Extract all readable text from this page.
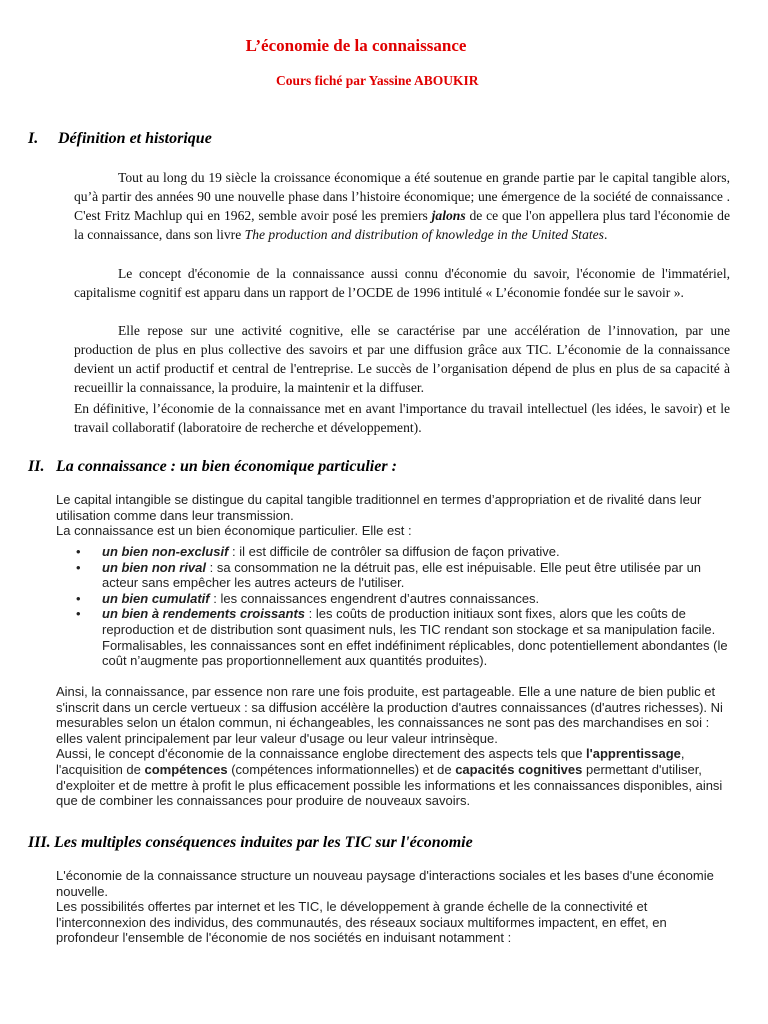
L’économie de la connaissance
Cours fiché par Yassine ABOUKIR
I. Définition et historique
Tout au long du 19 siècle la croissance économique a été soutenue en grande partie par le capital tangible alors, qu’à partir des années 90 une nouvelle phase dans l’histoire économique; une émergence de la société de connaissance . C'est Fritz Machlup qui en 1962, semble avoir posé les premiers jalons de ce que l'on appellera plus tard l'économie de la connaissance, dans son livre The production and distribution of knowledge in the United States.
Le concept d'économie de la connaissance aussi connu d'économie du savoir, l'économie de l'immatériel, capitalisme cognitif est apparu dans un rapport de l’OCDE de 1996 intitulé « L’économie fondée sur le savoir ».
Elle repose sur une activité cognitive, elle se caractérise par une accélération de l’innovation, par une production de plus en plus collective des savoirs et par une diffusion grâce aux TIC. L’économie de la connaissance devient un actif productif et central de l'entreprise. Le succès de l’organisation dépend de plus en plus de sa capacité à recueillir la connaissance, la produire, la maintenir et la diffuser.
En définitive, l’économie de la connaissance met en avant l'importance du travail intellectuel (les idées, le savoir) et le travail collaboratif (laboratoire de recherche et développement).
II. La connaissance : un bien économique particulier :
Le capital intangible se distingue du capital tangible traditionnel en termes d’appropriation et de rivalité dans leur utilisation comme dans leur transmission.
La connaissance est un bien économique particulier. Elle est :
• un bien non-exclusif : il est difficile de contrôler sa diffusion de façon privative.
• un bien non rival : sa consommation ne la détruit pas, elle est inépuisable. Elle peut être utilisée par un acteur sans empêcher les autres acteurs de l'utiliser.
• un bien cumulatif : les connaissances engendrent d’autres connaissances.
• un bien à rendements croissants : les coûts de production initiaux sont fixes, alors que les coûts de reproduction et de distribution sont quasiment nuls, les TIC rendant son stockage et sa manipulation facile. Formalisables, les connaissances sont en effet indéfiniment réplicables, donc potentiellement abondantes (le coût n’augmente pas proportionnellement aux quantités produites).
Ainsi, la connaissance, par essence non rare une fois produite, est partageable. Elle a une nature de bien public et s'inscrit dans un cercle vertueux : sa diffusion accélère la production d'autres connaissances (d'autres richesses). Ni mesurables selon un étalon commun, ni échangeables, les connaissances ne sont pas des marchandises en soi : elles valent principalement par leur valeur d'usage ou leur valeur intrinsèque.
Aussi, le concept d'économie de la connaissance englobe directement des aspects tels que l'apprentissage, l'acquisition de compétences (compétences informationnelles) et de capacités cognitives permettant d'utiliser, d'exploiter et de mettre à profit le plus efficacement possible les informations et les connaissances disponibles, ainsi que de combiner les connaissances pour produire de nouveaux savoirs.
III. Les multiples conséquences induites par les TIC sur l'économie
L'économie de la connaissance structure un nouveau paysage d'interactions sociales et les bases d'une économie nouvelle.
Les possibilités offertes par internet et les TIC, le développement à grande échelle de la connectivité et l'interconnexion des individus, des communautés, des réseaux sociaux multiformes impactent, en effet, en profondeur l'ensemble de l'économie de nos sociétés en induisant notamment :
